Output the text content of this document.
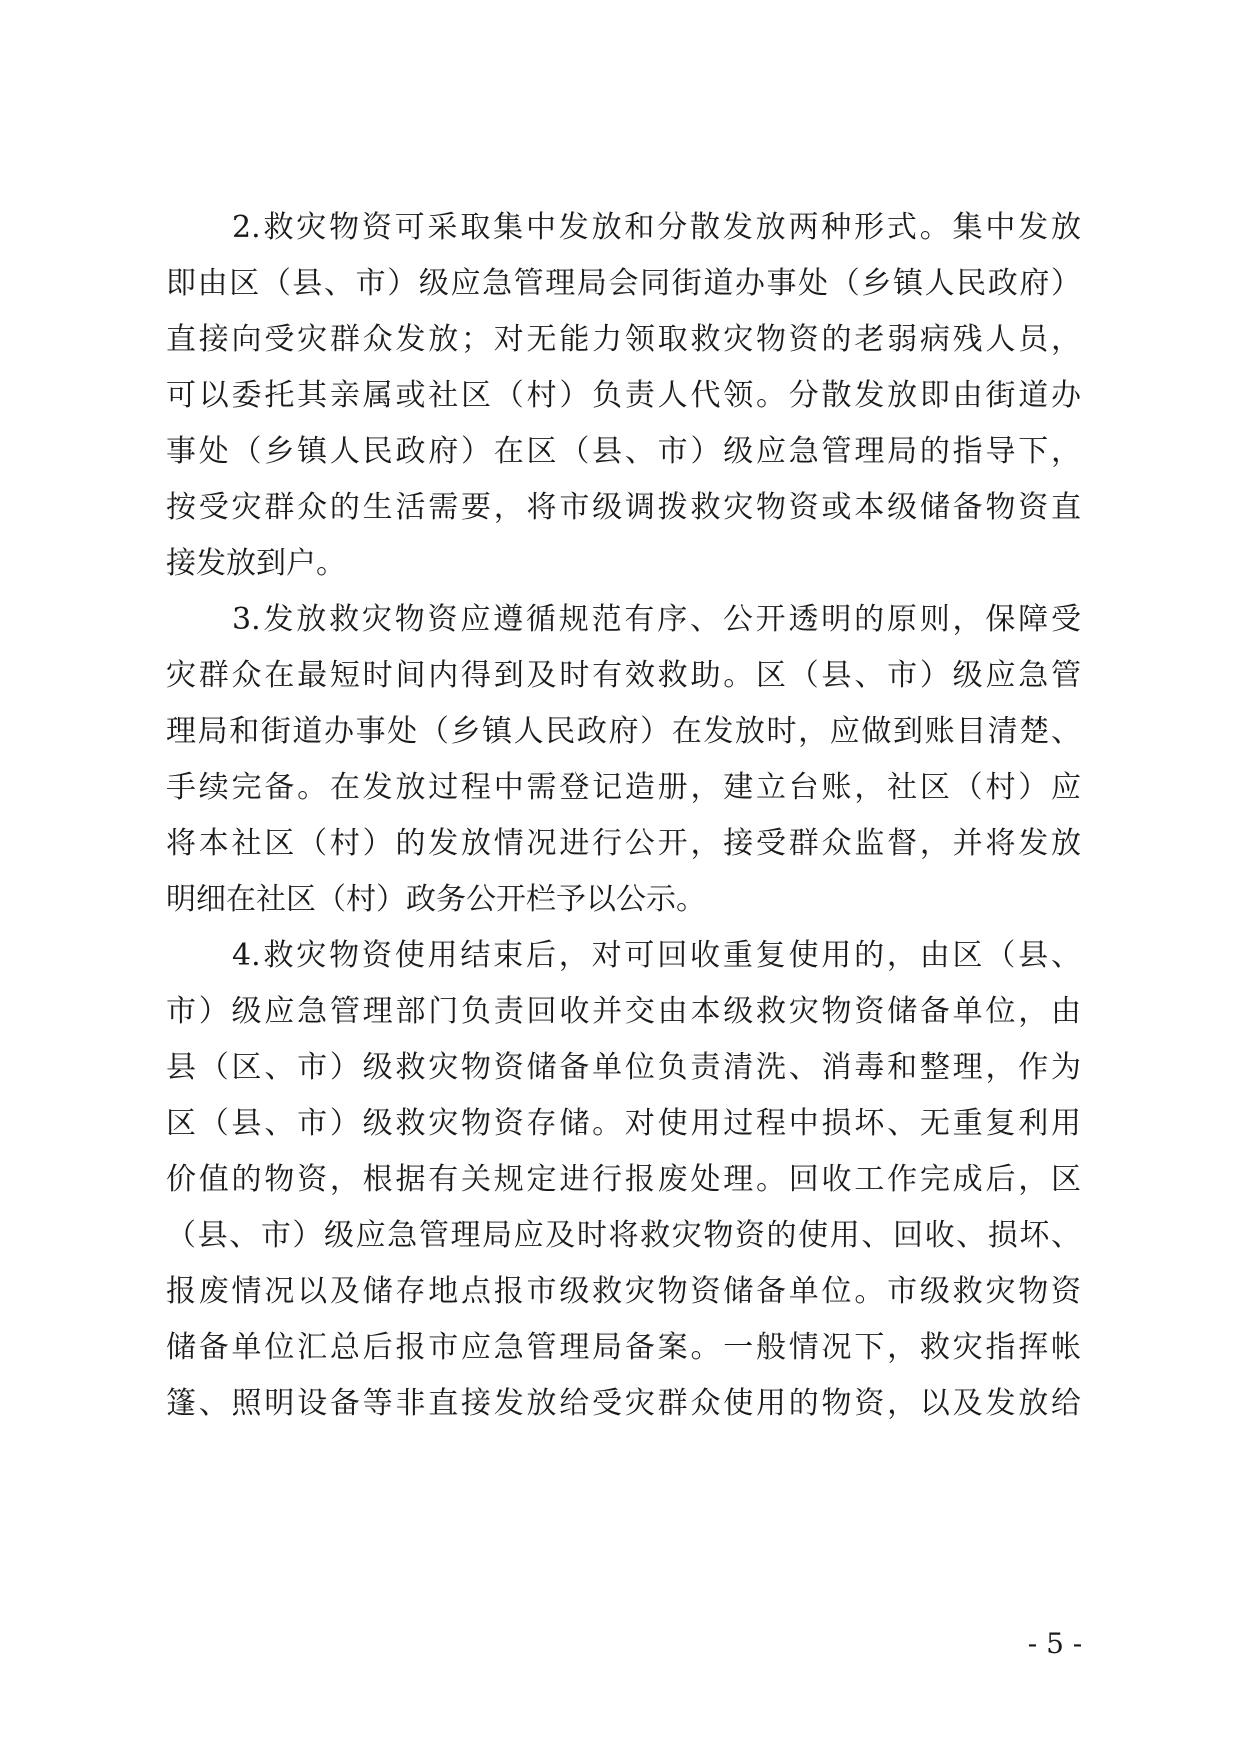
2.救灾物资可采取集中发放和分散发放两种形式。集中发放
即由区（县、市）级应急管理局会同街道办事处（乡镇人民政府）
直接向受灾群众发放；对无能力领取救灾物资的老弱病残人员，
可以委托其亲属或社区（村）负责人代领。分散发放即由街道办
事处（乡镇人民政府）在区（县、市）级应急管理局的指导下，
按受灾群众的生活需要，将市级调拨救灾物资或本级储备物资直
接发放到户。
3.发放救灾物资应遵循规范有序、公开透明的原则，保障受
灾群众在最短时间内得到及时有效救助。区（县、市）级应急管
理局和街道办事处（乡镇人民政府）在发放时，应做到账目清楚、
手续完备。在发放过程中需登记造册，建立台账，社区（村）应
将本社区（村）的发放情况进行公开，接受群众监督，并将发放
明细在社区（村）政务公开栏予以公示。
4.救灾物资使用结束后，对可回收重复使用的，由区（县、
市）级应急管理部门负责回收并交由本级救灾物资储备单位，由
县（区、市）级救灾物资储备单位负责清洗、消毒和整理，作为
区（县、市）级救灾物资存储。对使用过程中损坏、无重复利用
价值的物资，根据有关规定进行报废处理。回收工作完成后，区
（县、市）级应急管理局应及时将救灾物资的使用、回收、损坏、
报废情况以及储存地点报市级救灾物资储备单位。市级救灾物资
储备单位汇总后报市应急管理局备案。一般情况下，救灾指挥帐
篷、照明设备等非直接发放给受灾群众使用的物资，以及发放给
- 5 -
